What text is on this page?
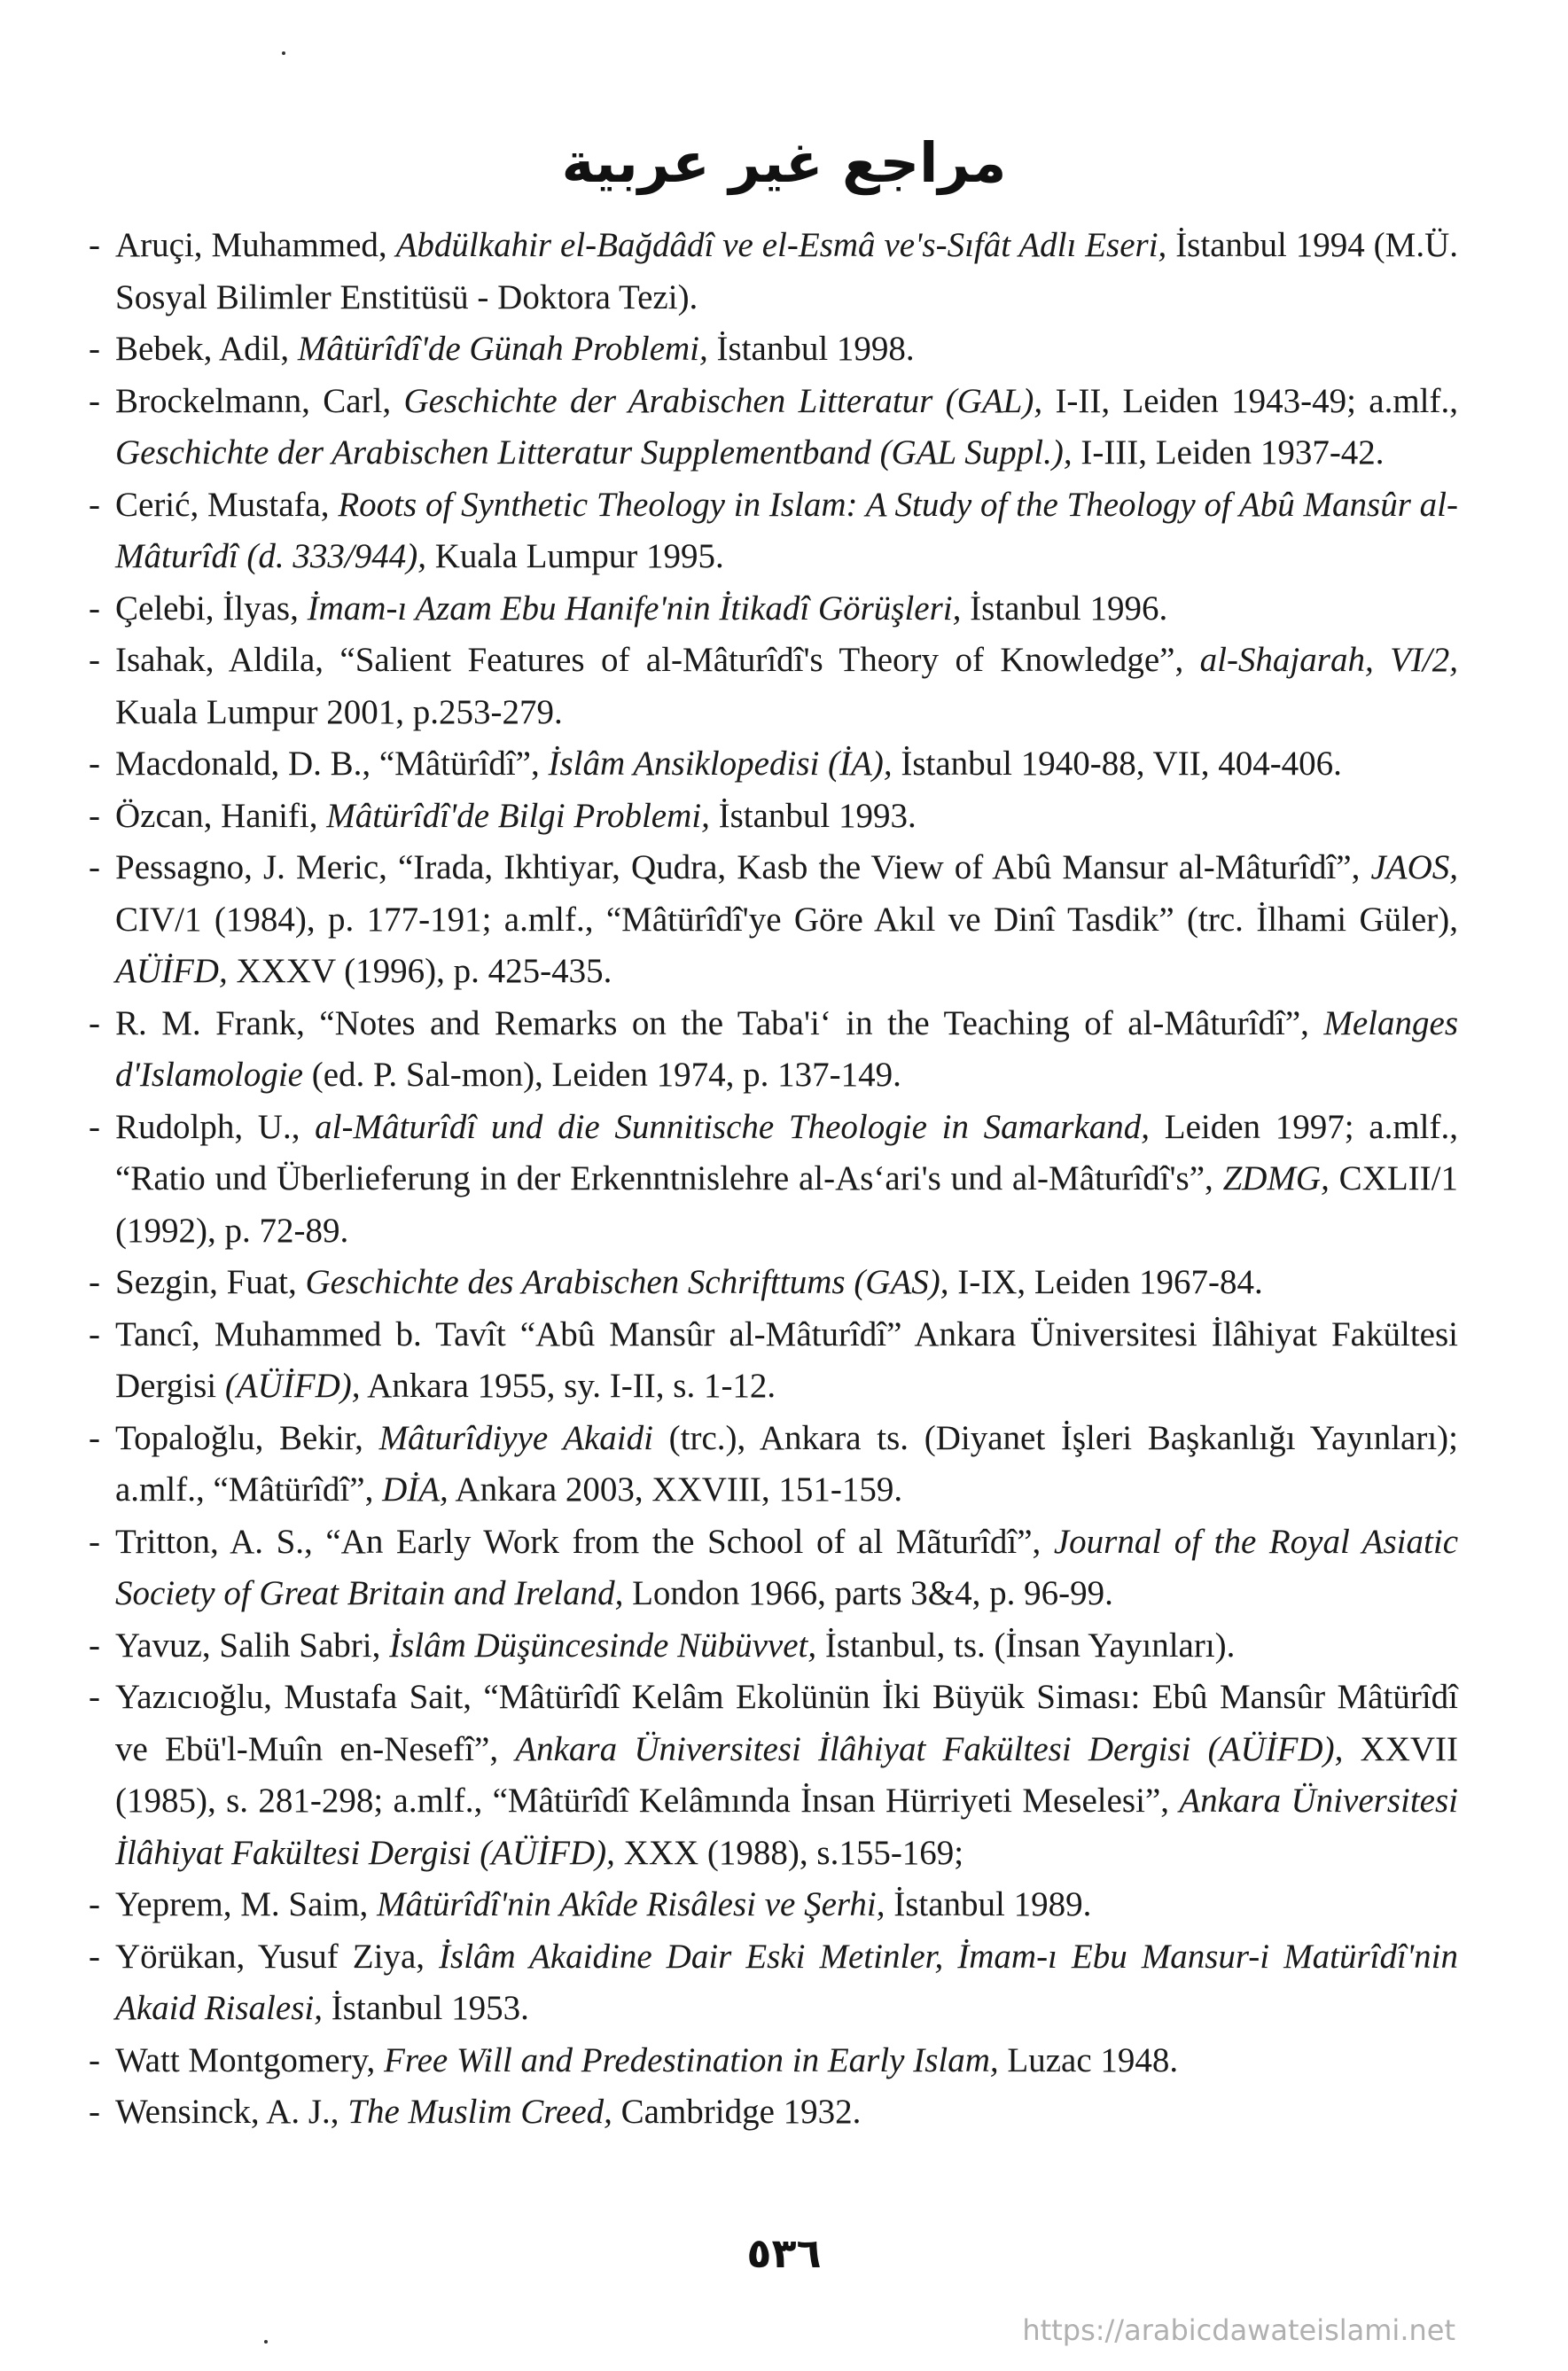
مراجع غير عربية
- Aruçi, Muhammed, Abdülkahir el-Bağdâdî ve el-Esmâ ve's-Sıfât Adlı Eseri, İstanbul 1994 (M.Ü. Sosyal Bilimler Enstitüsü - Doktora Tezi).
- Bebek, Adil, Mâtürîdî'de Günah Problemi, İstanbul 1998.
- Brockelmann, Carl, Geschichte der Arabischen Litteratur (GAL), I-II, Leiden 1943-49; a.mlf., Geschichte der Arabischen Litteratur Supplementband (GAL Suppl.), I-III, Leiden 1937-42.
- Cerić, Mustafa, Roots of Synthetic Theology in Islam: A Study of the Theology of Abû Mansûr al-Mâturîdî (d. 333/944), Kuala Lumpur 1995.
- Çelebi, İlyas, İmam-ı Azam Ebu Hanife'nin İtikadî Görüşleri, İstanbul 1996.
- Isahak, Aldila, “Salient Features of al-Mâturîdî's Theory of Knowledge”, al-Shajarah, VI/2, Kuala Lumpur 2001, p.253-279.
- Macdonald, D. B., “Mâtürîdî”, İslâm Ansiklopedisi (İA), İstanbul 1940-88, VII, 404-406.
- Özcan, Hanifi, Mâtürîdî'de Bilgi Problemi, İstanbul 1993.
- Pessagno, J. Meric, “Irada, Ikhtiyar, Qudra, Kasb the View of Abû Mansur al-Mâturîdî”, JAOS, CIV/1 (1984), p. 177-191; a.mlf., “Mâtürîdî'ye Göre Akıl ve Dinî Tasdik” (trc. İlhami Güler), AÜİFD, XXXV (1996), p. 425-435.
- R. M. Frank, “Notes and Remarks on the Taba'i‘ in the Teaching of al-Mâturîdî”, Melanges d'Islamologie (ed. P. Sal-mon), Leiden 1974, p. 137-149.
- Rudolph, U., al-Mâturîdî und die Sunnitische Theologie in Samarkand, Leiden 1997; a.mlf., “Ratio und Überlieferung in der Erkenntnislehre al-As‘ari's und al-Mâturîdî's”, ZDMG, CXLII/1 (1992), p. 72-89.
- Sezgin, Fuat, Geschichte des Arabischen Schrifttums (GAS), I-IX, Leiden 1967-84.
- Tancî, Muhammed b. Tavît “Abû Mansûr al-Mâturîdî” Ankara Üniversitesi İlâhiyat Fakültesi Dergisi (AÜİFD), Ankara 1955, sy. I-II, s. 1-12.
- Topaloğlu, Bekir, Mâturîdiyye Akaidi (trc.), Ankara ts. (Diyanet İşleri Başkanlığı Yayınları); a.mlf., “Mâtürîdî”, DİA, Ankara 2003, XXVIII, 151-159.
- Tritton, A. S., “An Early Work from the School of al Mãturîdî”, Journal of the Royal Asiatic Society of Great Britain and Ireland, London 1966, parts 3&4, p. 96-99.
- Yavuz, Salih Sabri, İslâm Düşüncesinde Nübüvvet, İstanbul, ts. (İnsan Yayınları).
- Yazıcıoğlu, Mustafa Sait, “Mâtürîdî Kelâm Ekolünün İki Büyük Siması: Ebû Mansûr Mâtürîdî ve Ebü'l-Muîn en-Nesefî”, Ankara Üniversitesi İlâhiyat Fakültesi Dergisi (AÜİFD), XXVII (1985), s. 281-298; a.mlf., “Mâtürîdî Kelâmında İnsan Hürriyeti Meselesi”, Ankara Üniversitesi İlâhiyat Fakültesi Dergisi (AÜİFD), XXX (1988), s.155-169;
- Yeprem, M. Saim, Mâtürîdî'nin Akîde Risâlesi ve Şerhi, İstanbul 1989.
- Yörükan, Yusuf Ziya, İslâm Akaidine Dair Eski Metinler, İmam-ı Ebu Mansur-i Matürîdî'nin Akaid Risalesi, İstanbul 1953.
- Watt Montgomery, Free Will and Predestination in Early Islam, Luzac 1948.
- Wensinck, A. J., The Muslim Creed, Cambridge 1932.
٥٣٦
https://arabicdawateislami.net
